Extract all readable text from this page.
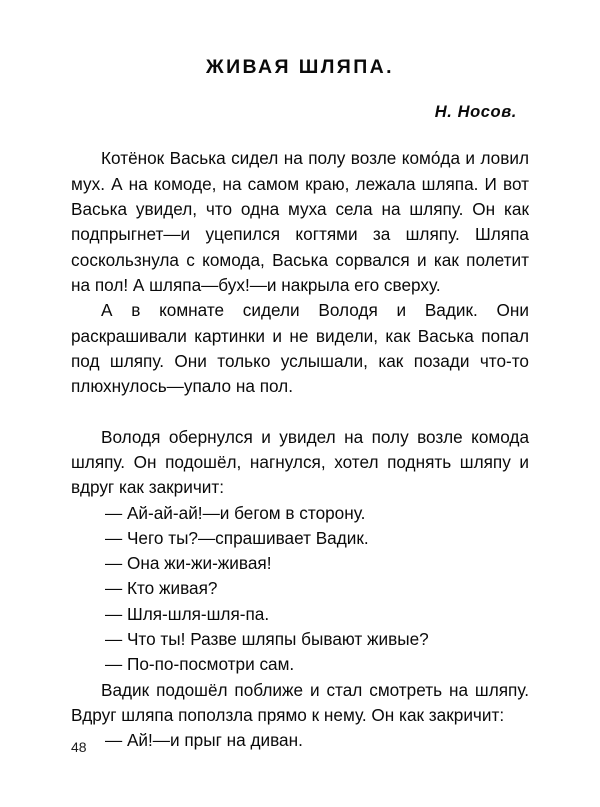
ЖИВАЯ ШЛЯПА.
Н. Носов.

Котёнок Васька сидел на полу возле комо́да и ловил мух. А на комоде, на самом краю, лежала шляпа. И вот Васька увидел, что одна муха села на шляпу. Он как подпрыгнет—и уцепился когтями за шляпу. Шляпа соскользнула с комода, Васька сорвался и как полетит на пол! А шляпа—бух!—и накрыла его сверху.

А в комнате сидели Володя и Вадик. Они раскрашивали картинки и не видели, как Васька попал под шляпу. Они только услышали, как позади что-то плюхнулось—упало на пол.

Володя обернулся и увидел на полу возле комода шляпу. Он подошёл, нагнулся, хотел поднять шляпу и вдруг как закричит:

— Ай-ай-ай!—и бегом в сторону.
— Чего ты?—спрашивает Вадик.
— Она жи-жи-живая!
— Кто живая?
— Шля-шля-шля-па.
— Что ты! Разве шляпы бывают живые?
— По-по-посмотри сам.

Вадик подошёл поближе и стал смотреть на шляпу. Вдруг шляпа поползла прямо к нему. Он как закричит:

— Ай!—и прыг на диван.
48
